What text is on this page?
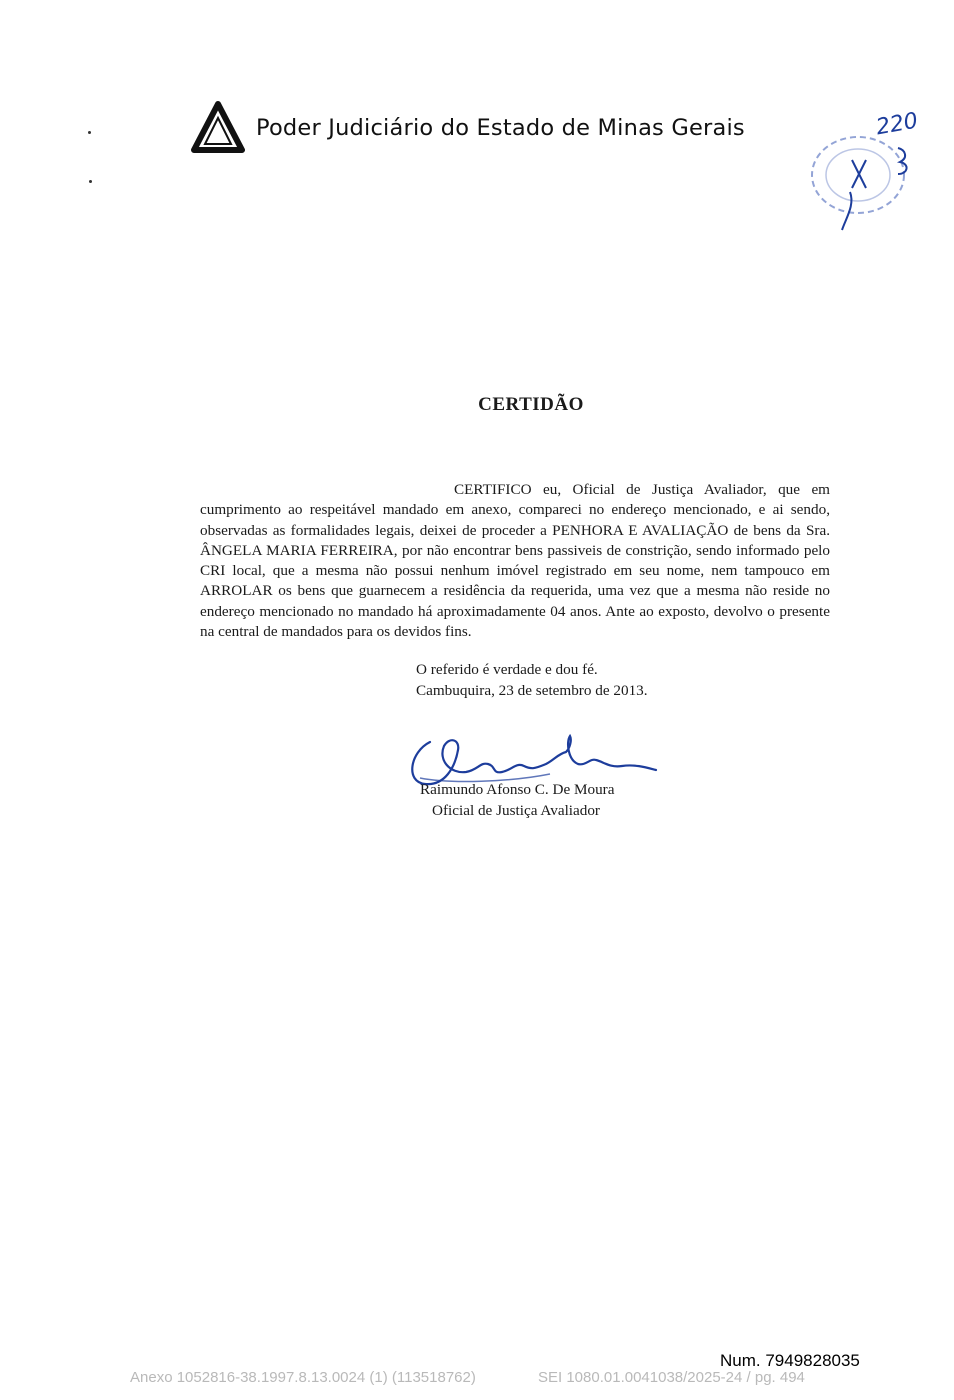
Poder Judiciário do Estado de Minas Gerais	220
CERTIDÃO

CERTIFICO eu, Oficial de Justiça Avaliador, que em cumprimento ao respeitável mandado em anexo, compareci no endereço mencionado, e ai sendo, observadas as formalidades legais, deixei de proceder a PENHORA E AVALIAÇÃO de bens da Sra. ÂNGELA MARIA FERREIRA, por não encontrar bens passiveis de constrição, sendo informado pelo CRI local, que a mesma não possui nenhum imóvel registrado em seu nome, nem tampouco em ARROLAR os bens que guarnecem a residência da requerida, uma vez que a mesma não reside no endereço mencionado no mandado há aproximadamente 04 anos. Ante ao exposto, devolvo o presente na central de mandados para os devidos fins.

O referido é verdade e dou fé.
Cambuquira, 23 de setembro de 2013.
Raimundo Afonso C. De Moura
Oficial de Justiça Avaliador
Num. 7949828035
Anexo 1052816-38.1997.8.13.0024 (1) (113518762)	SEI 1080.01.0041038/2025-24 / pg. 494
